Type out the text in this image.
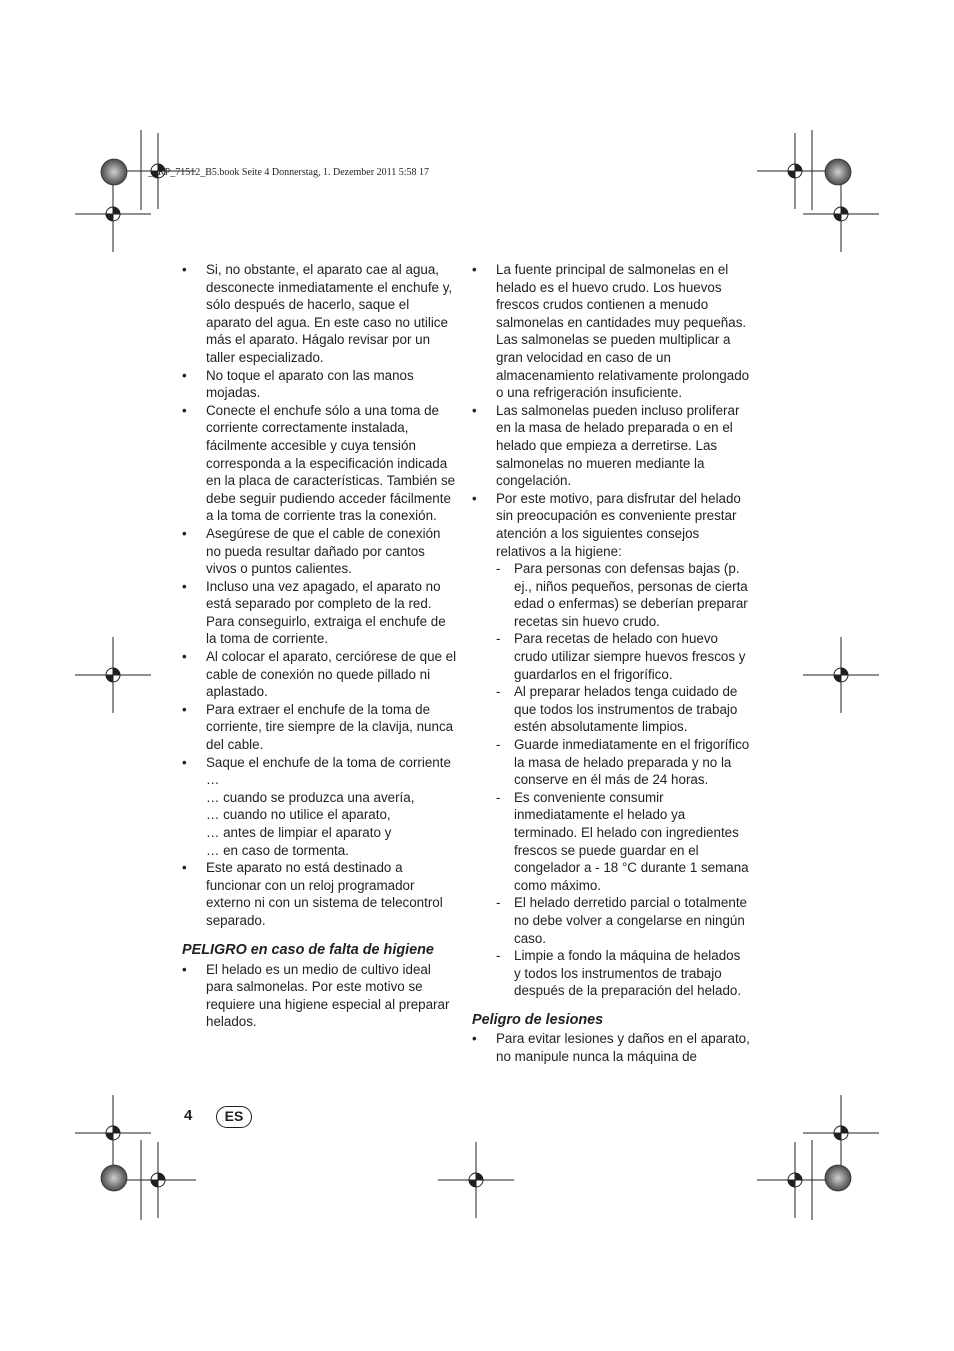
__RP_71512_B5.book Seite 4 Donnerstag, 1. Dezember 2011 5:58 17
• Si, no obstante, el aparato cae al agua, desconecte inmediatamente el enchufe y, sólo después de hacerlo, saque el aparato del agua. En este caso no utilice más el aparato. Hágalo revisar por un taller especializado.
• No toque el aparato con las manos mojadas.
• Conecte el enchufe sólo a una toma de corriente correctamente instalada, fácilmente accesible y cuya tensión corresponda a la especificación indicada en la placa de características. También se debe seguir pudiendo acceder fácilmente a la toma de corriente tras la conexión.
• Asegúrese de que el cable de conexión no pueda resultar dañado por cantos vivos o puntos calientes.
• Incluso una vez apagado, el aparato no está separado por completo de la red. Para conseguirlo, extraiga el enchufe de la toma de corriente.
• Al colocar el aparato, cerciórese de que el cable de conexión no quede pillado ni aplastado.
• Para extraer el enchufe de la toma de corriente, tire siempre de la clavija, nunca del cable.
• Saque el enchufe de la toma de corriente …
… cuando se produzca una avería,
… cuando no utilice el aparato,
… antes de limpiar el aparato y
… en caso de tormenta.
• Este aparato no está destinado a funcionar con un reloj programador externo ni con un sistema de telecontrol separado.
PELIGRO en caso de falta de higiene
• El helado es un medio de cultivo ideal para salmonelas. Por este motivo se requiere una higiene especial al preparar helados.
• La fuente principal de salmonelas en el helado es el huevo crudo. Los huevos frescos crudos contienen a menudo salmonelas en cantidades muy pequeñas. Las salmonelas se pueden multiplicar a gran velocidad en caso de un almacenamiento relativamente prolongado o una refrigeración insuficiente.
• Las salmonelas pueden incluso proliferar en la masa de helado preparada o en el helado que empieza a derretirse. Las salmonelas no mueren mediante la congelación.
• Por este motivo, para disfrutar del helado sin preocupación es conveniente prestar atención a los siguientes consejos relativos a la higiene:
- Para personas con defensas bajas (p. ej., niños pequeños, personas de cierta edad o enfermas) se deberían preparar recetas sin huevo crudo.
- Para recetas de helado con huevo crudo utilizar siempre huevos frescos y guardarlos en el frigorífico.
- Al preparar helados tenga cuidado de que todos los instrumentos de trabajo estén absolutamente limpios.
- Guarde inmediatamente en el frigorífico la masa de helado preparada y no la conserve en él más de 24 horas.
- Es conveniente consumir inmediatamente el helado ya terminado. El helado con ingredientes frescos se puede guardar en el congelador a - 18 °C durante 1 semana como máximo.
- El helado derretido parcial o totalmente no debe volver a congelarse en ningún caso.
- Limpie a fondo la máquina de helados y todos los instrumentos de trabajo después de la preparación del helado.
Peligro de lesiones
• Para evitar lesiones y daños en el aparato, no manipule nunca la máquina de
4	ES
